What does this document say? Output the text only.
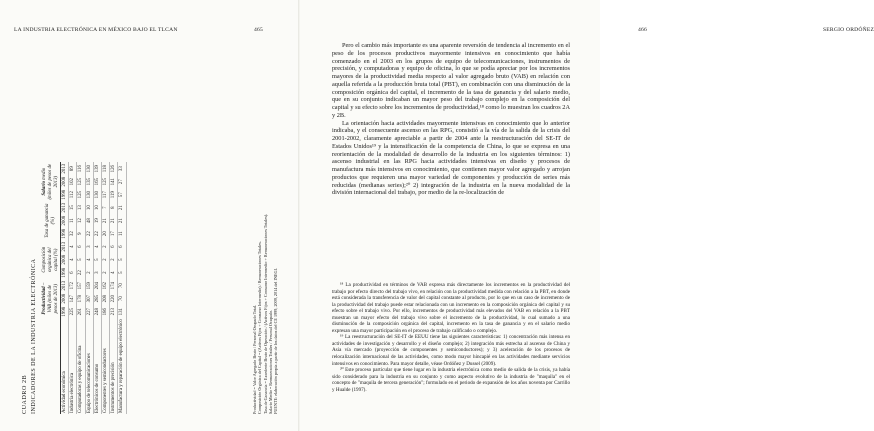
LA INDUSTRIA ELECTRÓNICA EN MÉXICO BAJO EL TLCAN	465
CUADRO 2B INDICADORES DE LA INDUSTRIA ELECTRÓNICA
	Productividad – VAB (miles de pesos de 2013)			Composición orgánica del capital (%)			Tasa de ganancia (%)			Salario medio (miles de pesos de 2013)		
Actividad económica	1998	2008	2013	1998	2008	2013	1998	2008	2013	1998	2008	2013
Industria electrónica	225	147	172	6	4	4	32	11	15	112	102	89
Computadoras y equipo de oficina	261	178	157	22	5	6	9	12	13	125	125	116
Equipo de telecomunicaciones	227	307	159	2	4	3	22	48	10	130	135	130
Electrónicos de consumo	248	285	204	3	5	4	22	19	10	130	165	139
Componentes y semiconductores	186	208	162	2	2	2	20	21	7	117	125	118
Instrumentos de precisión	213	220	174	4	2	6	17	21	8	119	141	126
Manufactura y reparación de equipo electrónico	131	70	70	5	5	6	11	21	21	57	27	33
Productividad = Valor Agregado Bruto / Personal Ocupado Total. Composición Orgánica del Capital = (Activos Fijos + Consumo Intermedio) / Remuneraciones Totales. Tasa de Ganancia = Excedente Bruto de Operación / (Activos Fijos + Consumo Intermedio + Remuneraciones Totales). Salario Medio = Remuneraciones Totales / Personal Ocupado. FUENTE: elaboración propia a partir de los datos del CE 1999, 2009, 2014 del INEGI.
466	SERGIO ORDÓÑEZ

Pero el cambio más importante es una aparente reversión de tendencia al incremento en el peso de los procesos productivos mayormente intensivos en conocimiento que había comenzado en el 2003 en los grupos de equipo de telecomunicaciones, instrumentos de precisión, y computadoras y equipo de oficina, lo que se podía apreciar por los incrementos mayores de la productividad media respecto al valor agregado bruto (VAB) en relación con aquella referida a la producción bruta total (PBT), en combinación con una disminución de la composición orgánica del capital, el incremento de la tasa de ganancia y del salario medio, que en su conjunto indicaban un mayor peso del trabajo complejo en la composición del capital y su efecto sobre los incrementos de productividad,¹⁸ como lo muestran los cuadros 2A y 2B.

La orientación hacia actividades mayormente intensivas en conocimiento que lo anterior indicaba, y el consecuente ascenso en las RPG, consistió a la vía de la salida de la crisis del 2001-2002, claramente apreciable a partir de 2004 ante la reestructuración del SE-IT de Estados Unidos¹⁹ y la intensificación de la competencia de China, lo que se expresa en una reorientación de la modalidad de desarrollo de la industria en los siguientes términos: 1) ascenso industrial en las RPG hacia actividades intensivas en diseño y procesos de manufactura más intensivos en conocimiento, que contienen mayor valor agregado y arrojan productos que requieren una mayor variedad de componentes y producción de series más reducidas (medianas series);²⁰ 2) integración de la industria en la nueva modalidad de la división internacional del trabajo, por medio de la re-localización de

¹⁸ La productividad en términos de VAB expresa más directamente los incrementos en la productividad del trabajo por efecto directo del trabajo vivo, en relación con la productividad medida con relación a la PBT, en donde está considerada la transferencia de valor del capital constante al producto, por lo que en un caso de incremento de la productividad del trabajo puede estar relacionada con un incremento en la composición orgánica del capital y su efecto sobre el trabajo vivo. Por ello, incrementos de productividad más elevados del VAB en relación a la PBT muestran un mayor efecto del trabajo vivo sobre el incremento de la productividad, lo cual sumado a una disminución de la composición orgánica del capital, incremento en la tasa de ganancia y en el salario medio expresan una mayor participación en el proceso de trabajo calificado o complejo.

¹⁹ La reestructuración del SE-IT de EEUU tiene las siguientes características: 1) concentración más intensa en actividades de investigación y desarrollo y el diseño complejo; 2) integración más estrecha al ascenso de China y Asia vía mercado (proyección de componentes y semiconductores); y 3) aceleración de los procesos de relocalización internacional de las actividades, como modo mayor hincapié en las actividades mediante servicios intensivos en conocimiento. Para mayor detalle, véase Ordóñez y Dussel (2009).

²⁰ Este proceso particular que tiene lugar en la industria electrónica como medio de salida de la crisis, ya había sido considerado para la industria en su conjunto y como aspecto evolutivo de la industria de "maquila" en el concepto de "maquila de tercera generación"; formulado en el periodo de expansión de los años noventa por Carrillo y Hualde (1997).
